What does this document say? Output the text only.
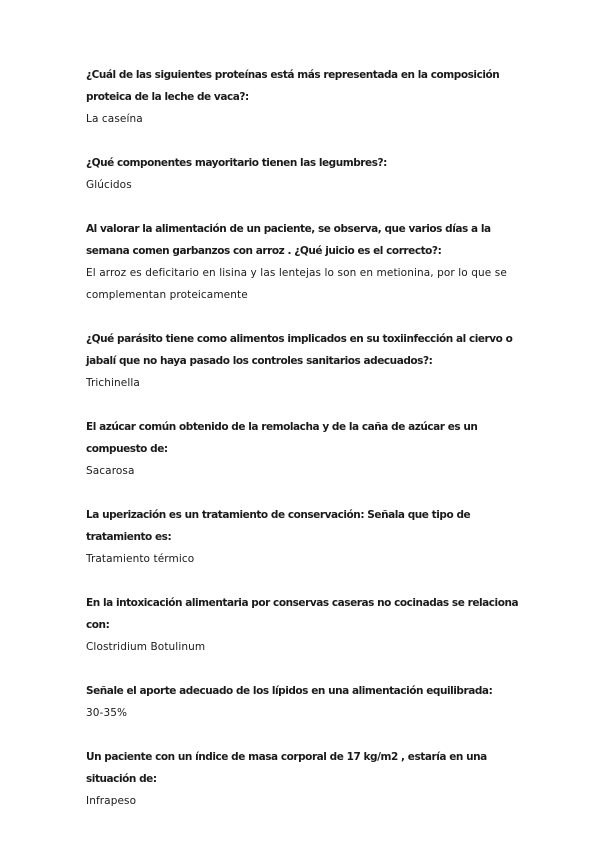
¿Cuál de las siguientes proteínas está más representada en la composición proteica de la leche de vaca?:

La caseína

¿Qué componentes mayoritario tienen las legumbres?:

Glúcidos

Al valorar la alimentación de un paciente, se observa, que varios días a la semana comen garbanzos con arroz . ¿Qué juicio es el correcto?:

El arroz es deficitario en lisina y las lentejas lo son en metionina, por lo que se complementan proteicamente

¿Qué parásito tiene como alimentos implicados en su toxiinfección al ciervo o jabalí que no haya pasado los controles sanitarios adecuados?:

Trichinella

El azúcar común obtenido de la remolacha y de la caña de azúcar es un compuesto de:

Sacarosa

La uperización es un tratamiento de conservación: Señala que tipo de tratamiento es:

Tratamiento térmico

En la intoxicación alimentaria por conservas caseras no cocinadas se relaciona con:

Clostridium Botulinum

Señale el aporte adecuado de los lípidos en una alimentación equilibrada:

30-35%

Un paciente con un índice de masa corporal de 17 kg/m2 , estaría en una situación de:

Infrapeso
